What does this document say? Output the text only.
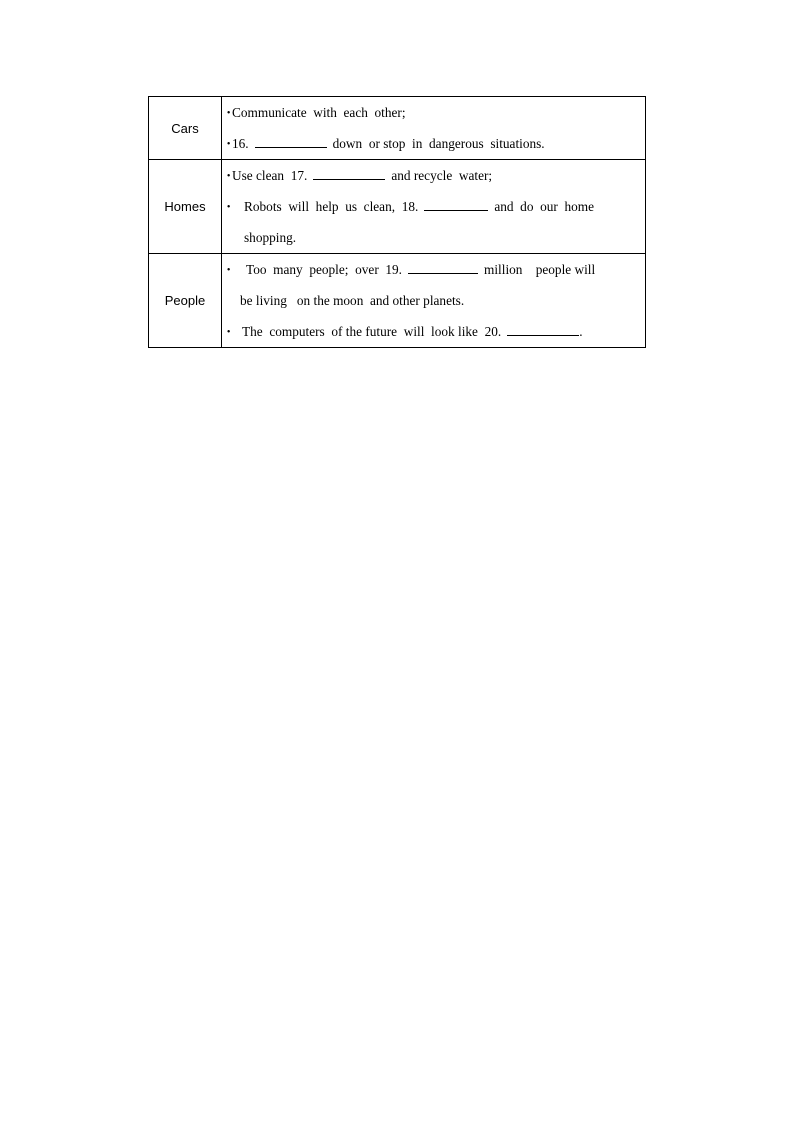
Cars	・Communicate  with  each  other;
・16. down  or stop  in  dangerous  situations.

Homes	・Use clean  17. and recycle  water;
・ Robots  will  help  us  clean,  18. and  do  our  home
shopping.

People	・ Too  many  people;  over  19. million    people will
be living   on the moon  and other planets.
・ The  computers  of the future  will  look like  20. .
